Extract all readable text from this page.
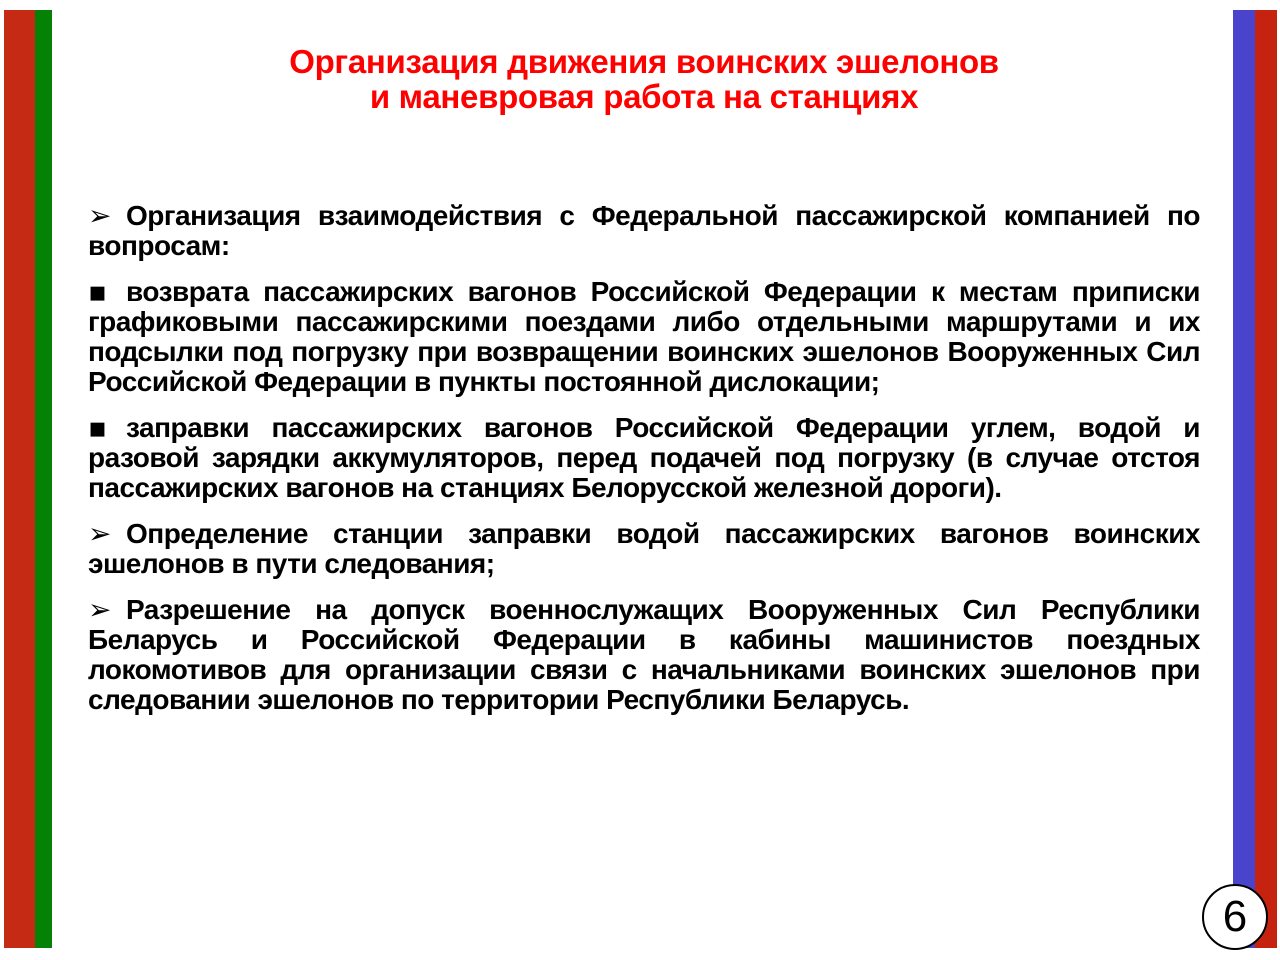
Организация движения воинских эшелонов
и маневровая работа на станциях

➢ Организация взаимодействия с Федеральной пассажирской компанией по вопросам:

▪ возврата пассажирских вагонов Российской Федерации к местам приписки графиковыми пассажирскими поездами либо отдельными маршрутами и их подсылки под погрузку при возвращении воинских эшелонов Вооруженных Сил Российской Федерации в пункты постоянной дислокации;

▪ заправки пассажирских вагонов Российской Федерации углем, водой и разовой зарядки аккумуляторов, перед подачей под погрузку (в случае отстоя пассажирских вагонов на станциях Белорусской железной дороги).

➢ Определение станции заправки водой пассажирских вагонов воинских эшелонов в пути следования;

➢ Разрешение на допуск военнослужащих Вооруженных Сил Республики Беларусь и Российской Федерации в кабины машинистов поездных локомотивов для организации связи с начальниками воинских эшелонов при следовании эшелонов по территории Республики Беларусь.

6
